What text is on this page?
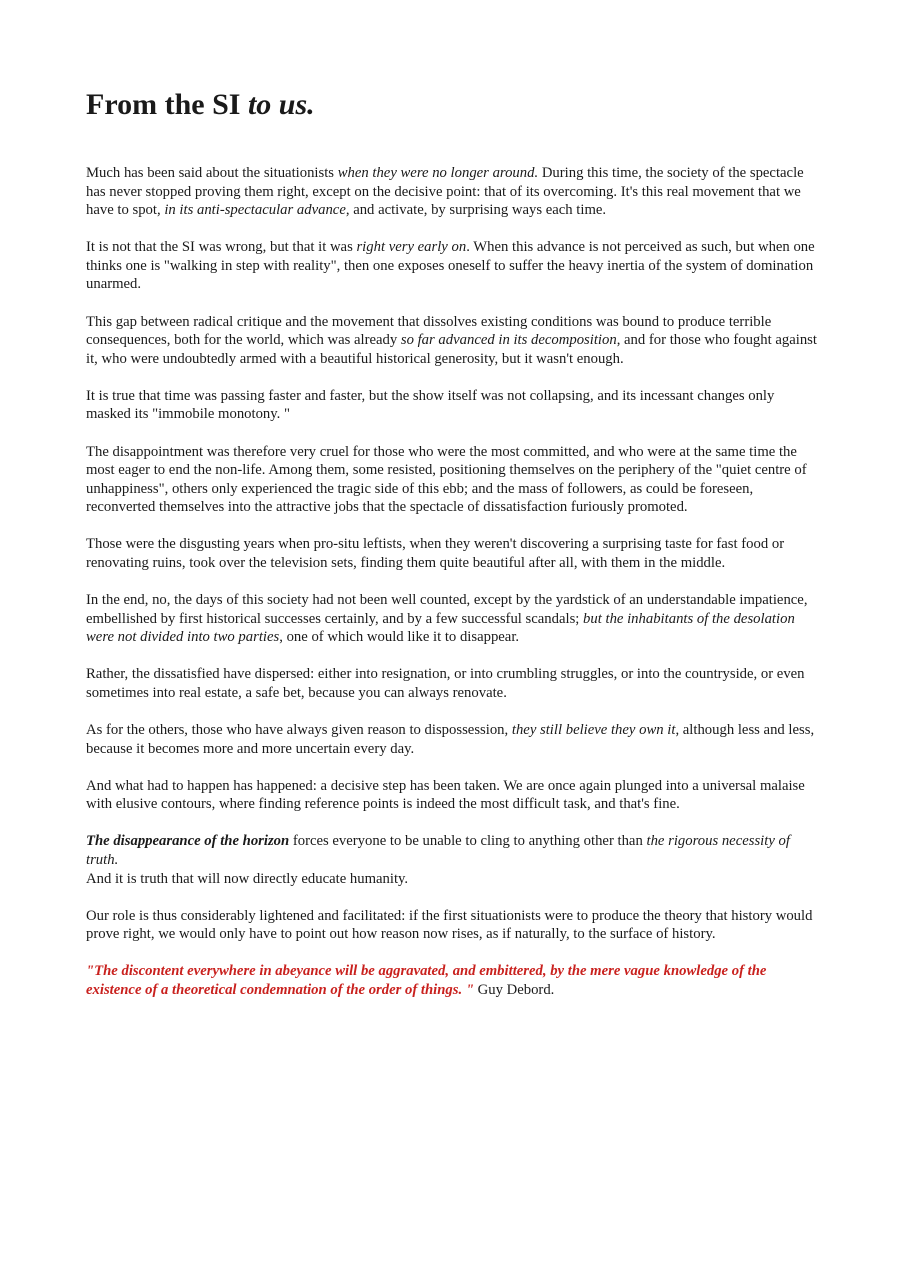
From the SI to us.

Much has been said about the situationists when they were no longer around. During this time, the society of the spectacle has never stopped proving them right, except on the decisive point: that of its overcoming. It's this real movement that we have to spot, in its anti-spectacular advance, and activate, by surprising ways each time.

It is not that the SI was wrong, but that it was right very early on. When this advance is not perceived as such, but when one thinks one is "walking in step with reality", then one exposes oneself to suffer the heavy inertia of the system of domination unarmed.

This gap between radical critique and the movement that dissolves existing conditions was bound to produce terrible consequences, both for the world, which was already so far advanced in its decomposition, and for those who fought against it, who were undoubtedly armed with a beautiful historical generosity, but it wasn't enough.

It is true that time was passing faster and faster, but the show itself was not collapsing, and its incessant changes only masked its "immobile monotony. "

The disappointment was therefore very cruel for those who were the most committed, and who were at the same time the most eager to end the non-life. Among them, some resisted, positioning themselves on the periphery of the "quiet centre of unhappiness", others only experienced the tragic side of this ebb; and the mass of followers, as could be foreseen, reconverted themselves into the attractive jobs that the spectacle of dissatisfaction furiously promoted.

Those were the disgusting years when pro-situ leftists, when they weren't discovering a surprising taste for fast food or renovating ruins, took over the television sets, finding them quite beautiful after all, with them in the middle.

In the end, no, the days of this society had not been well counted, except by the yardstick of an understandable impatience, embellished by first historical successes certainly, and by a few successful scandals; but the inhabitants of the desolation were not divided into two parties, one of which would like it to disappear.

Rather, the dissatisfied have dispersed: either into resignation, or into crumbling struggles, or into the countryside, or even sometimes into real estate, a safe bet, because you can always renovate.

As for the others, those who have always given reason to dispossession, they still believe they own it, although less and less, because it becomes more and more uncertain every day.

And what had to happen has happened: a decisive step has been taken. We are once again plunged into a universal malaise with elusive contours, where finding reference points is indeed the most difficult task, and that's fine.

The disappearance of the horizon forces everyone to be unable to cling to anything other than the rigorous necessity of truth.

And it is truth that will now directly educate humanity.

Our role is thus considerably lightened and facilitated: if the first situationists were to produce the theory that history would prove right, we would only have to point out how reason now rises, as if naturally, to the surface of history.

"The discontent everywhere in abeyance will be aggravated, and embittered, by the mere vague knowledge of the existence of a theoretical condemnation of the order of things. " Guy Debord.
